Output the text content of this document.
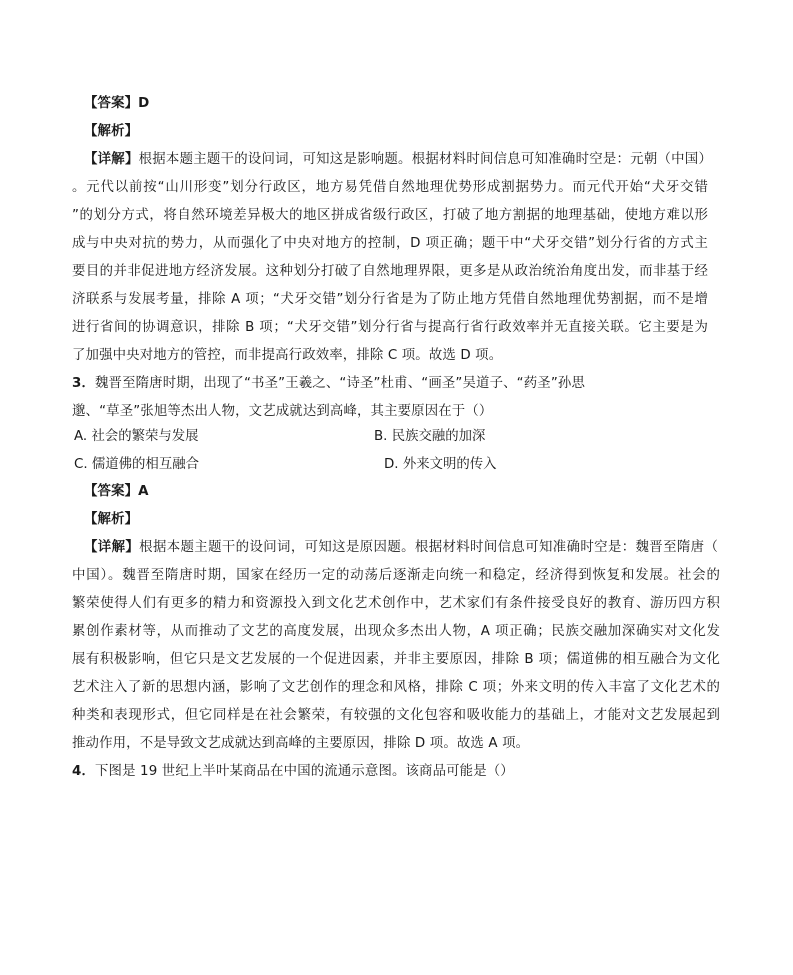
【答案】D
【解析】
【详解】根据本题主题干的设问词，可知这是影响题。根据材料时间信息可知准确时空是：元朝（中国）
。元代以前按“山川形变”划分行政区，地方易凭借自然地理优势形成割据势力。而元代开始“犬牙交错
”的划分方式，将自然环境差异极大的地区拼成省级行政区，打破了地方割据的地理基础，使地方难以形
成与中央对抗的势力，从而强化了中央对地方的控制，D 项正确；题干中“犬牙交错”划分行省的方式主
要目的并非促进地方经济发展。这种划分打破了自然地理界限，更多是从政治统治角度出发，而非基于经
济联系与发展考量，排除 A 项；“犬牙交错”划分行省是为了防止地方凭借自然地理优势割据，而不是增
进行省间的协调意识，排除 B 项；“犬牙交错”划分行省与提高行省行政效率并无直接关联。它主要是为
了加强中央对地方的管控，而非提高行政效率，排除 C 项。故选 D 项。
3．魏晋至隋唐时期，出现了“书圣”王羲之、“诗圣”杜甫、“画圣”吴道子、“药圣”孙思
邈、“草圣”张旭等杰出人物，文艺成就达到高峰，其主要原因在于（）
A. 社会的繁荣与发展	B. 民族交融的加深
C. 儒道佛的相互融合	D. 外来文明的传入
【答案】A
【解析】
【详解】根据本题主题干的设问词，可知这是原因题。根据材料时间信息可知准确时空是：魏晋至隋唐（
中国）。魏晋至隋唐时期，国家在经历一定的动荡后逐渐走向统一和稳定，经济得到恢复和发展。社会的
繁荣使得人们有更多的精力和资源投入到文化艺术创作中，艺术家们有条件接受良好的教育、游历四方积
累创作素材等，从而推动了文艺的高度发展，出现众多杰出人物，A 项正确；民族交融加深确实对文化发
展有积极影响，但它只是文艺发展的一个促进因素，并非主要原因，排除 B 项；儒道佛的相互融合为文化
艺术注入了新的思想内涵，影响了文艺创作的理念和风格，排除 C 项；外来文明的传入丰富了文化艺术的
种类和表现形式，但它同样是在社会繁荣，有较强的文化包容和吸收能力的基础上，才能对文艺发展起到
推动作用，不是导致文艺成就达到高峰的主要原因，排除 D 项。故选 A 项。
4．下图是 19 世纪上半叶某商品在中国的流通示意图。该商品可能是（）
